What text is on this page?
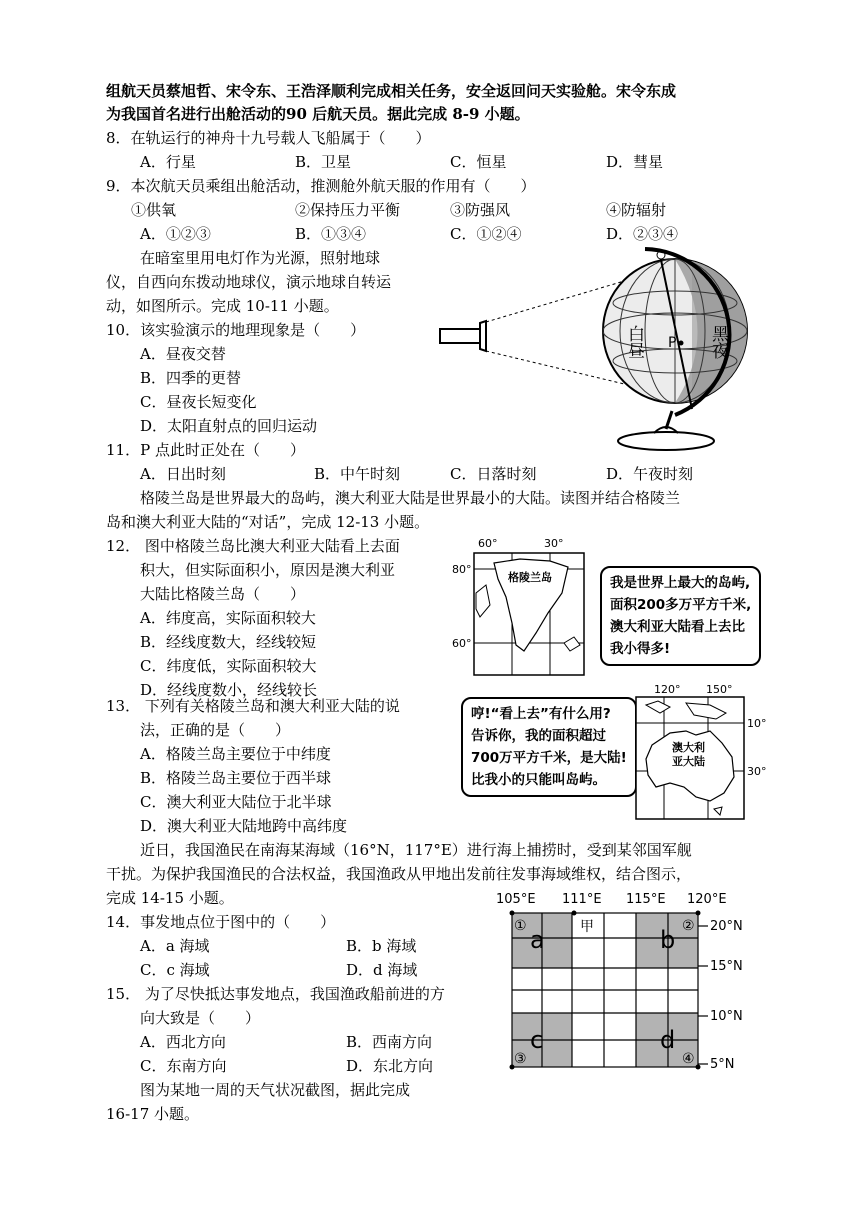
组航天员蔡旭哲、宋令东、王浩泽顺利完成相关任务，安全返回问天实验舱。宋令东成
为我国首名进行出舱活动的90 后航天员。据此完成 8-9 小题。
8．在轨运行的神舟十九号载人飞船属于（　　）
A．行星	B．卫星	C．恒星	D．彗星
9．本次航天员乘组出舱活动，推测舱外航天服的作用有（　　）
①供氧	②保持压力平衡	③防强风	④防辐射
A．①②③	B．①③④	C．①②④	D．②③④
在暗室里用电灯作为光源，照射地球
仪，自西向东拨动地球仪，演示地球自转运
动，如图所示。完成 10-11 小题。
10．该实验演示的地理现象是（　　）
A．昼夜交替
B．四季的更替
C．昼夜长短变化
D．太阳直射点的回归运动
11．P 点此时正处在（　　）
A．日出时刻	B．中午时刻	C．日落时刻	D．午夜时刻
白昼	黑夜
P
格陵兰岛是世界最大的岛屿，澳大利亚大陆是世界最小的大陆。读图并结合格陵兰
岛和澳大利亚大陆的“对话”，完成 12-13 小题。
12． 图中格陵兰岛比澳大利亚大陆看上去面
积大，但实际面积小，原因是澳大利亚
大陆比格陵兰岛（　　）
A．纬度高，实际面积较大
B．经线度数大，经线较短
C．纬度低，实际面积较大
D．经线度数小，经线较长
60°	30°
80°
60°
格陵兰岛	我是世界上最大的岛屿,
面积200多万平方千米,
澳大利亚大陆看上去比
我小得多!
13． 下列有关格陵兰岛和澳大利亚大陆的说
法，正确的是（　　）
A．格陵兰岛主要位于中纬度
B．格陵兰岛主要位于西半球
C．澳大利亚大陆位于北半球
D．澳大利亚大陆地跨中高纬度
哼!“看上去”有什么用?
告诉你，我的面积超过
700万平方千米，是大陆!
比我小的只能叫岛屿。
120° 150°
10°
30°
澳大利
亚大陆
近日，我国渔民在南海某海域（16°N，117°E）进行海上捕捞时，受到某邻国军舰
干扰。为保护我国渔民的合法权益，我国渔政从甲地出发前往发事海域维权，结合图示，
完成 14-15 小题。
14．事发地点位于图中的（　　）
A．a 海域	B．b 海域
C．c 海域	D．d 海域
15． 为了尽快抵达事发地点，我国渔政船前进的方
向大致是（　　）
A．西北方向	B．西南方向
C．东南方向	D．东北方向
105°E 111°E 115°E 120°E
20°N
15°N
10°N
5°N
a	b
c	d
①	②
③	④
甲
图为某地一周的天气状况截图，据此完成
16-17 小题。
